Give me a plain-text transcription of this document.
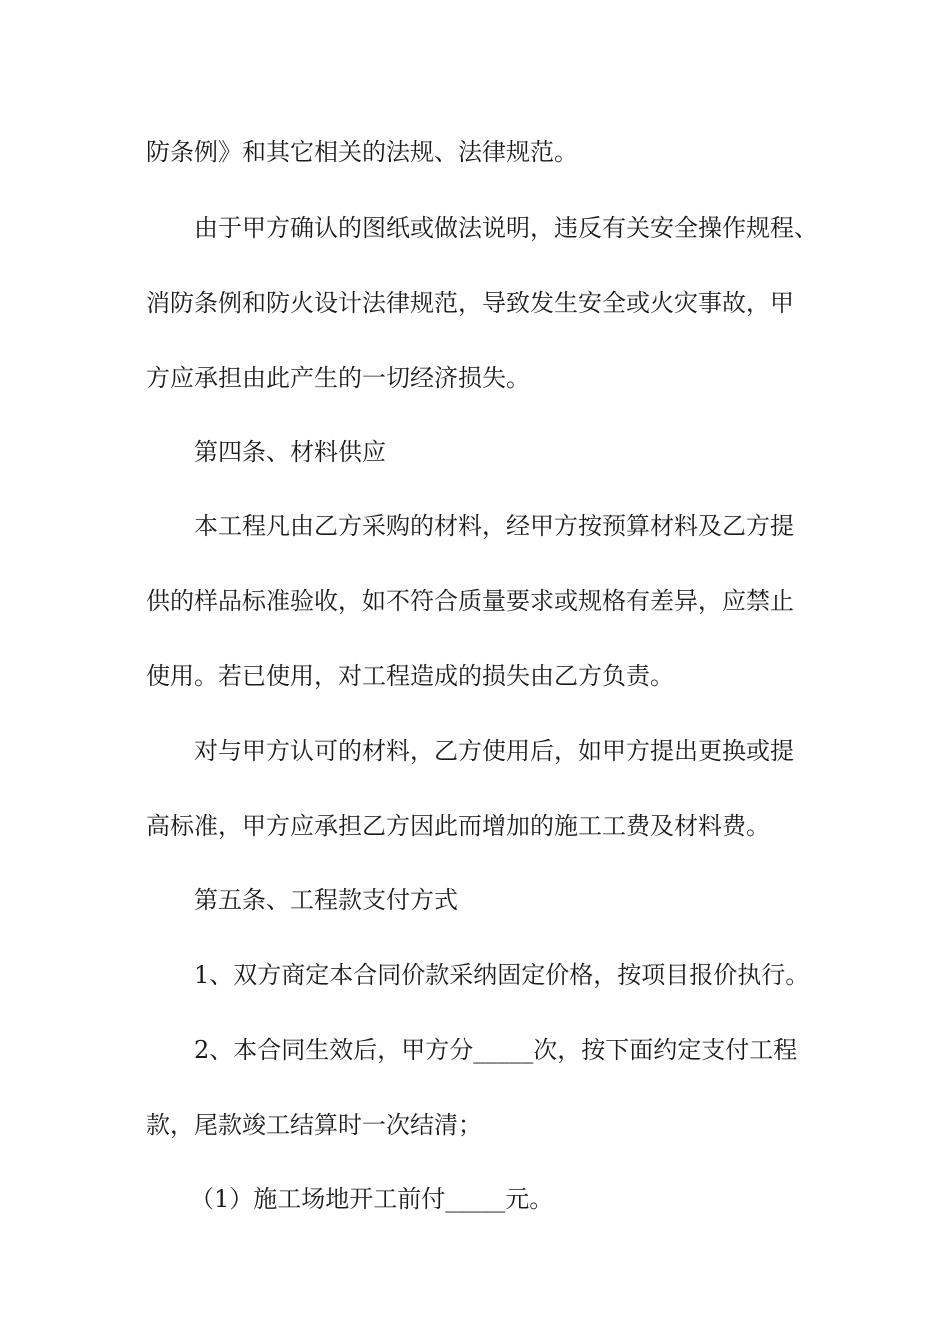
防条例》和其它相关的法规、法律规范。

由于甲方确认的图纸或做法说明，违反有关安全操作规程、

消防条例和防火设计法律规范，导致发生安全或火灾事故，甲

方应承担由此产生的一切经济损失。

第四条、材料供应

本工程凡由乙方采购的材料，经甲方按预算材料及乙方提

供的样品标准验收，如不符合质量要求或规格有差异，应禁止

使用。若已使用，对工程造成的损失由乙方负责。

对与甲方认可的材料，乙方使用后，如甲方提出更换或提

高标准，甲方应承担乙方因此而增加的施工工费及材料费。

第五条、工程款支付方式

1、双方商定本合同价款采纳固定价格，按项目报价执行。

2、本合同生效后，甲方分_____次，按下面约定支付工程

款，尾款竣工结算时一次结清；

（1）施工场地开工前付_____元。
